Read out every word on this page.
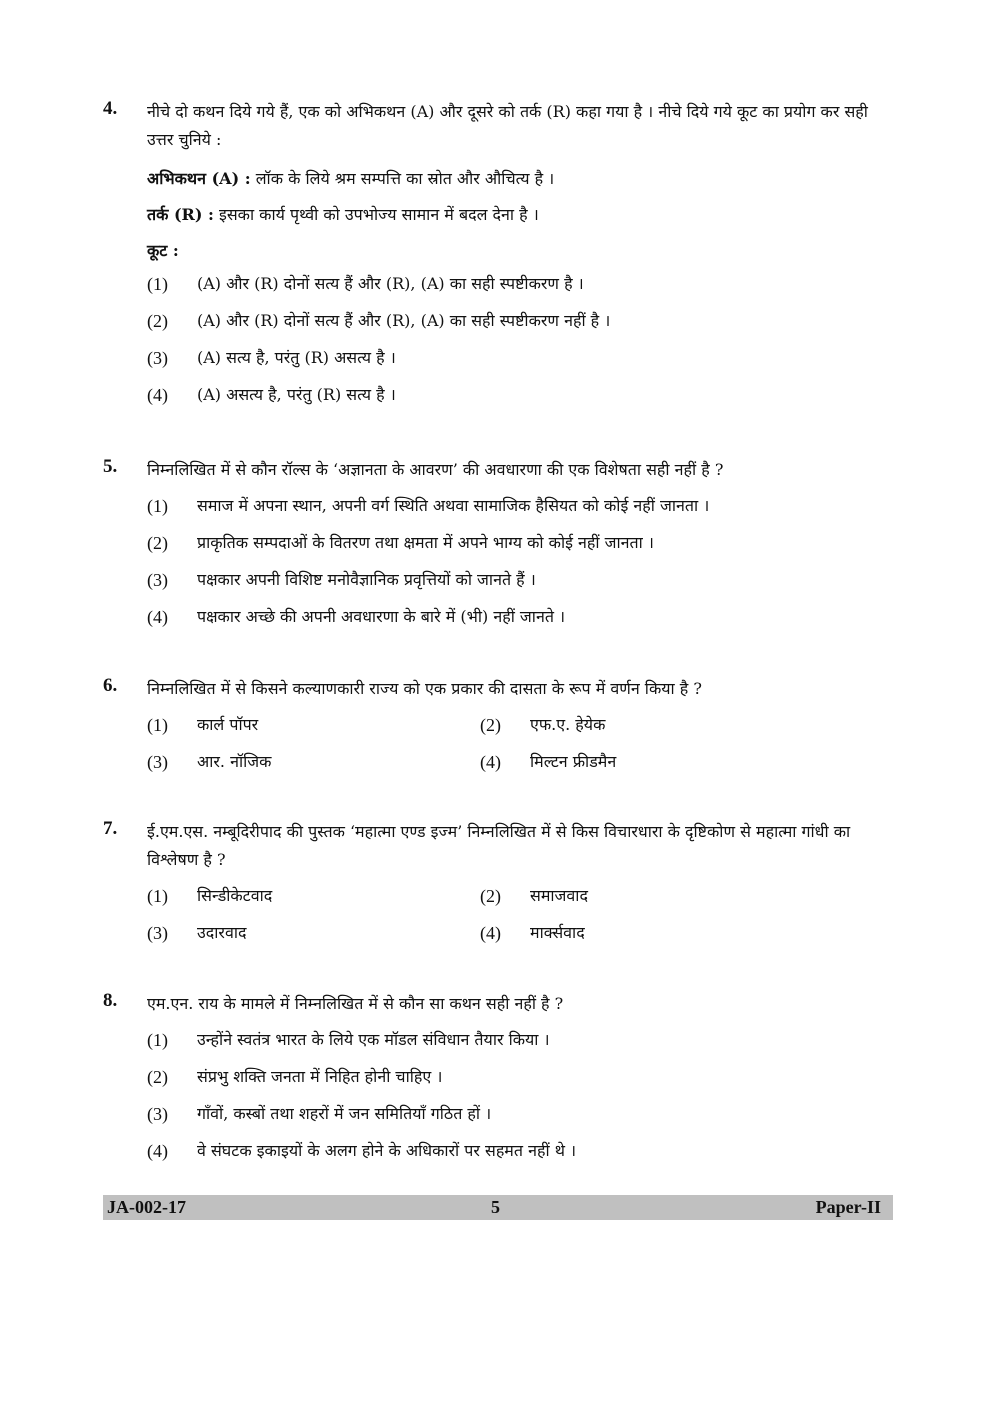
4. नीचे दो कथन दिये गये हैं, एक को अभिकथन (A) और दूसरे को तर्क (R) कहा गया है । नीचे दिये गये कूट का प्रयोग कर सही उत्तर चुनिये :
अभिकथन (A) : लॉक के लिये श्रम सम्पत्ति का स्रोत और औचित्य है ।
तर्क (R) : इसका कार्य पृथ्वी को उपभोज्य सामान में बदल देना है ।
कूट :
(1) (A) और (R) दोनों सत्य हैं और (R), (A) का सही स्पष्टीकरण है ।
(2) (A) और (R) दोनों सत्य हैं और (R), (A) का सही स्पष्टीकरण नहीं है ।
(3) (A) सत्य है, परंतु (R) असत्य है ।
(4) (A) असत्य है, परंतु (R) सत्य है ।
5. निम्नलिखित में से कौन रॉल्स के ‘अज्ञानता के आवरण’ की अवधारणा की एक विशेषता सही नहीं है ?
(1) समाज में अपना स्थान, अपनी वर्ग स्थिति अथवा सामाजिक हैसियत को कोई नहीं जानता ।
(2) प्राकृतिक सम्पदाओं के वितरण तथा क्षमता में अपने भाग्य को कोई नहीं जानता ।
(3) पक्षकार अपनी विशिष्ट मनोवैज्ञानिक प्रवृत्तियों को जानते हैं ।
(4) पक्षकार अच्छे की अपनी अवधारणा के बारे में (भी) नहीं जानते ।
6. निम्नलिखित में से किसने कल्याणकारी राज्य को एक प्रकार की दासता के रूप में वर्णन किया है ?
(1) कार्ल पॉपर	(2) एफ.ए. हेयेक
(3) आर. नॉजिक	(4) मिल्टन फ्रीडमैन
7. ई.एम.एस. नम्बूदिरीपाद की पुस्तक ‘महात्मा एण्ड इज्म’ निम्नलिखित में से किस विचारधारा के दृष्टिकोण से महात्मा गांधी का विश्लेषण है ?
(1) सिन्डीकेटवाद	(2) समाजवाद
(3) उदारवाद	(4) मार्क्सवाद
8. एम.एन. राय के मामले में निम्नलिखित में से कौन सा कथन सही नहीं है ?
(1) उन्होंने स्वतंत्र भारत के लिये एक मॉडल संविधान तैयार किया ।
(2) संप्रभु शक्ति जनता में निहित होनी चाहिए ।
(3) गाँवों, कस्बों तथा शहरों में जन समितियाँ गठित हों ।
(4) वे संघटक इकाइयों के अलग होने के अधिकारों पर सहमत नहीं थे ।
JA-002-17	5	Paper-II
